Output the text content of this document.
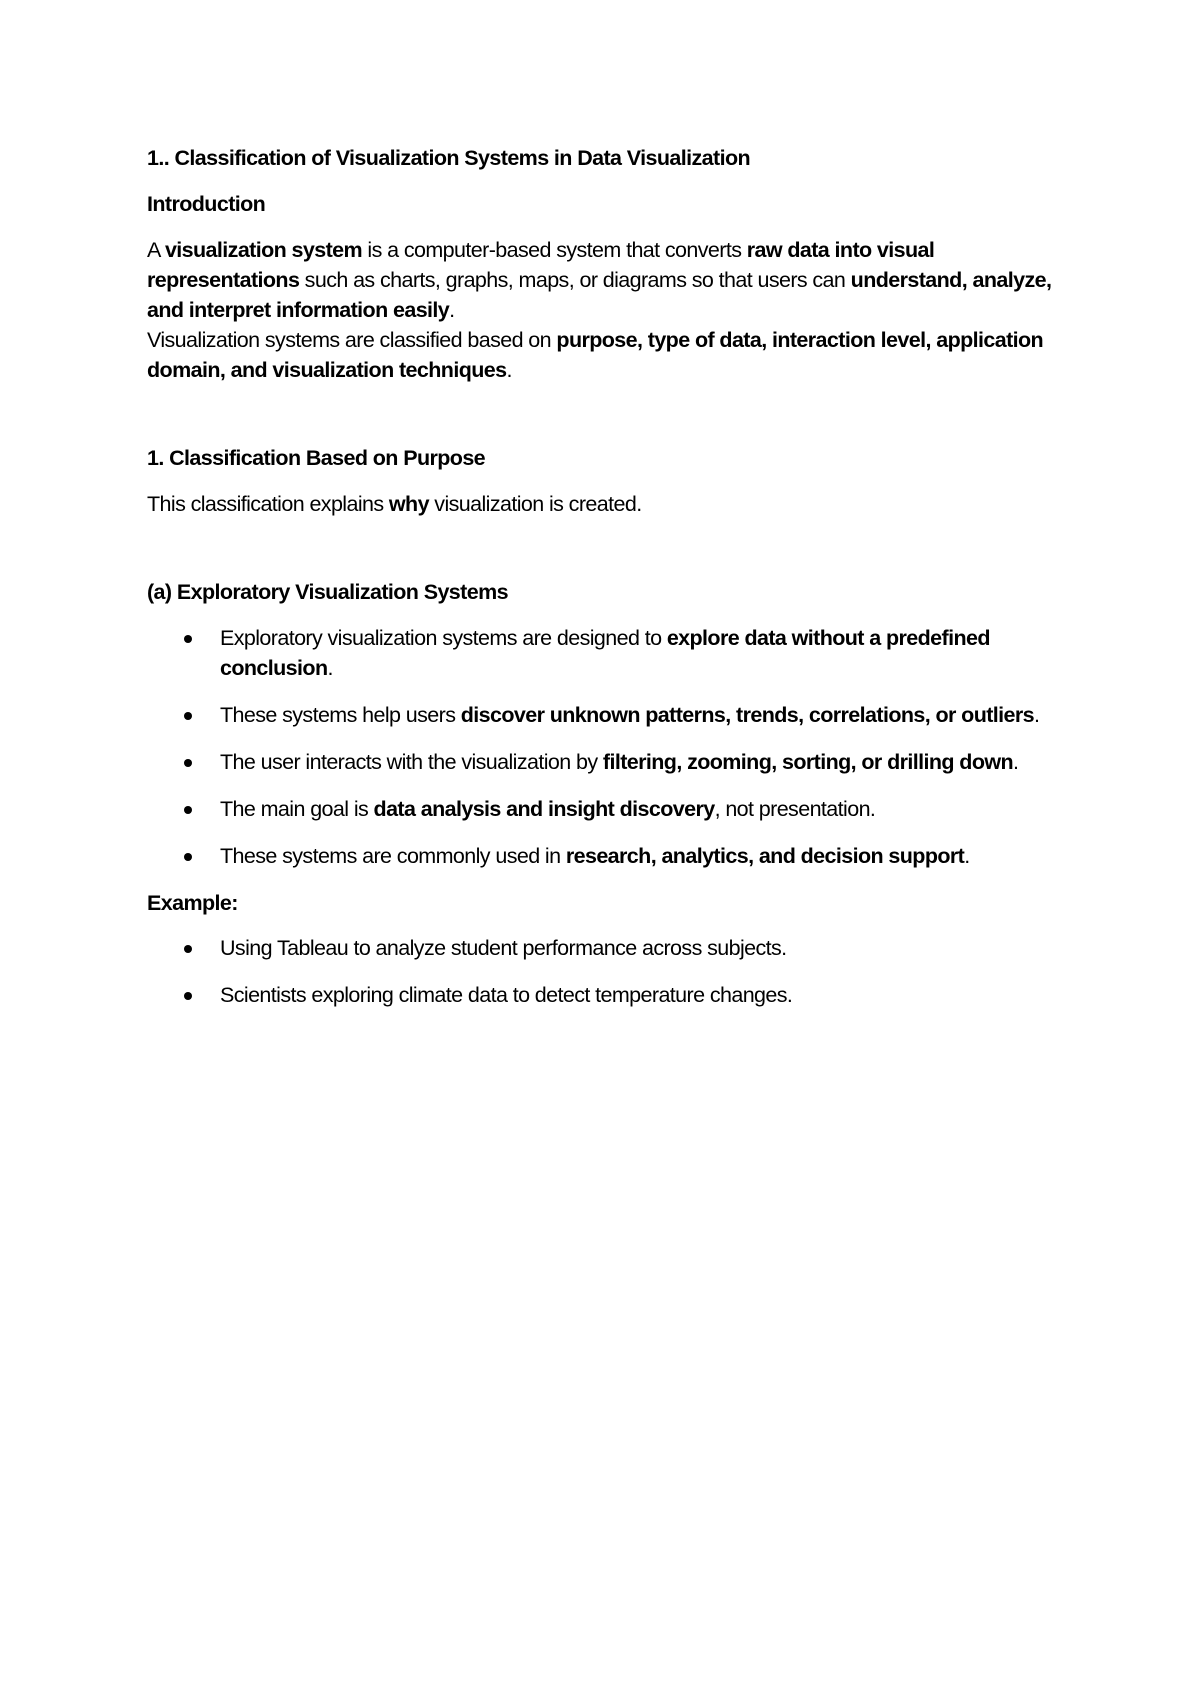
1.. Classification of Visualization Systems in Data Visualization

Introduction

A visualization system is a computer-based system that converts raw data into visual representations such as charts, graphs, maps, or diagrams so that users can understand, analyze, and interpret information easily.

Visualization systems are classified based on purpose, type of data, interaction level, application domain, and visualization techniques.

1. Classification Based on Purpose

This classification explains why visualization is created.

(a) Exploratory Visualization Systems

Exploratory visualization systems are designed to explore data without a predefined conclusion.
These systems help users discover unknown patterns, trends, correlations, or outliers.
The user interacts with the visualization by filtering, zooming, sorting, or drilling down.
The main goal is data analysis and insight discovery, not presentation.
These systems are commonly used in research, analytics, and decision support.

Example:

Using Tableau to analyze student performance across subjects.
Scientists exploring climate data to detect temperature changes.
